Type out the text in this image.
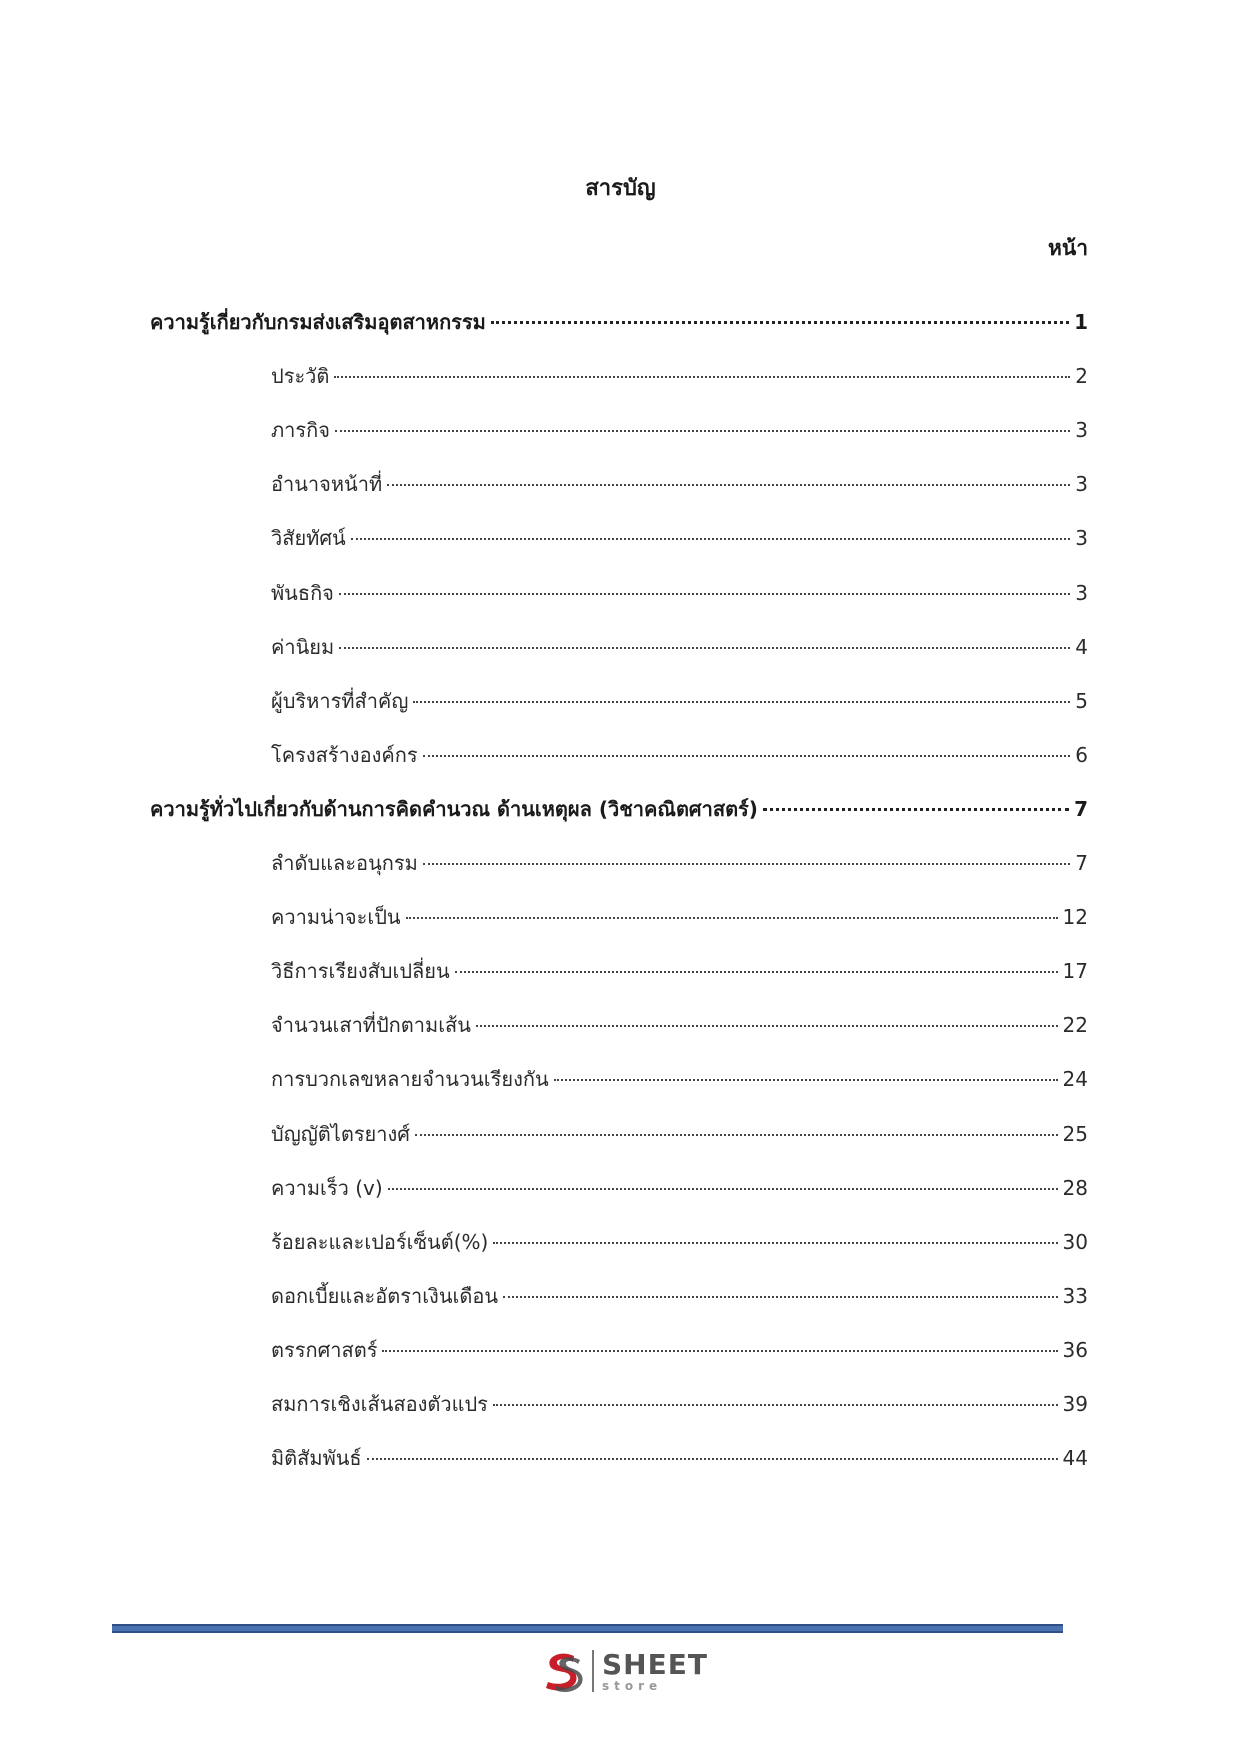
สารบัญ
หน้า
ความรู้เกี่ยวกับกรมส่งเสริมอุตสาหกรรม	1
ประวัติ	2
ภารกิจ	3
อำนาจหน้าที่	3
วิสัยทัศน์	3
พันธกิจ	3
ค่านิยม	4
ผู้บริหารที่สำคัญ	5
โครงสร้างองค์กร	6
ความรู้ทั่วไปเกี่ยวกับด้านการคิดคำนวณ ด้านเหตุผล (วิชาคณิตศาสตร์)	7
ลำดับและอนุกรม	7
ความน่าจะเป็น	12
วิธีการเรียงสับเปลี่ยน	17
จำนวนเสาที่ปักตามเส้น	22
การบวกเลขหลายจำนวนเรียงกัน	24
บัญญัติไตรยางศ์	25
ความเร็ว (v)	28
ร้อยละและเปอร์เซ็นต์(%)	30
ดอกเบี้ยและอัตราเงินเดือน	33
ตรรกศาสตร์	36
สมการเชิงเส้นสองตัวแปร	39
มิติสัมพันธ์	44
SHEET
store
